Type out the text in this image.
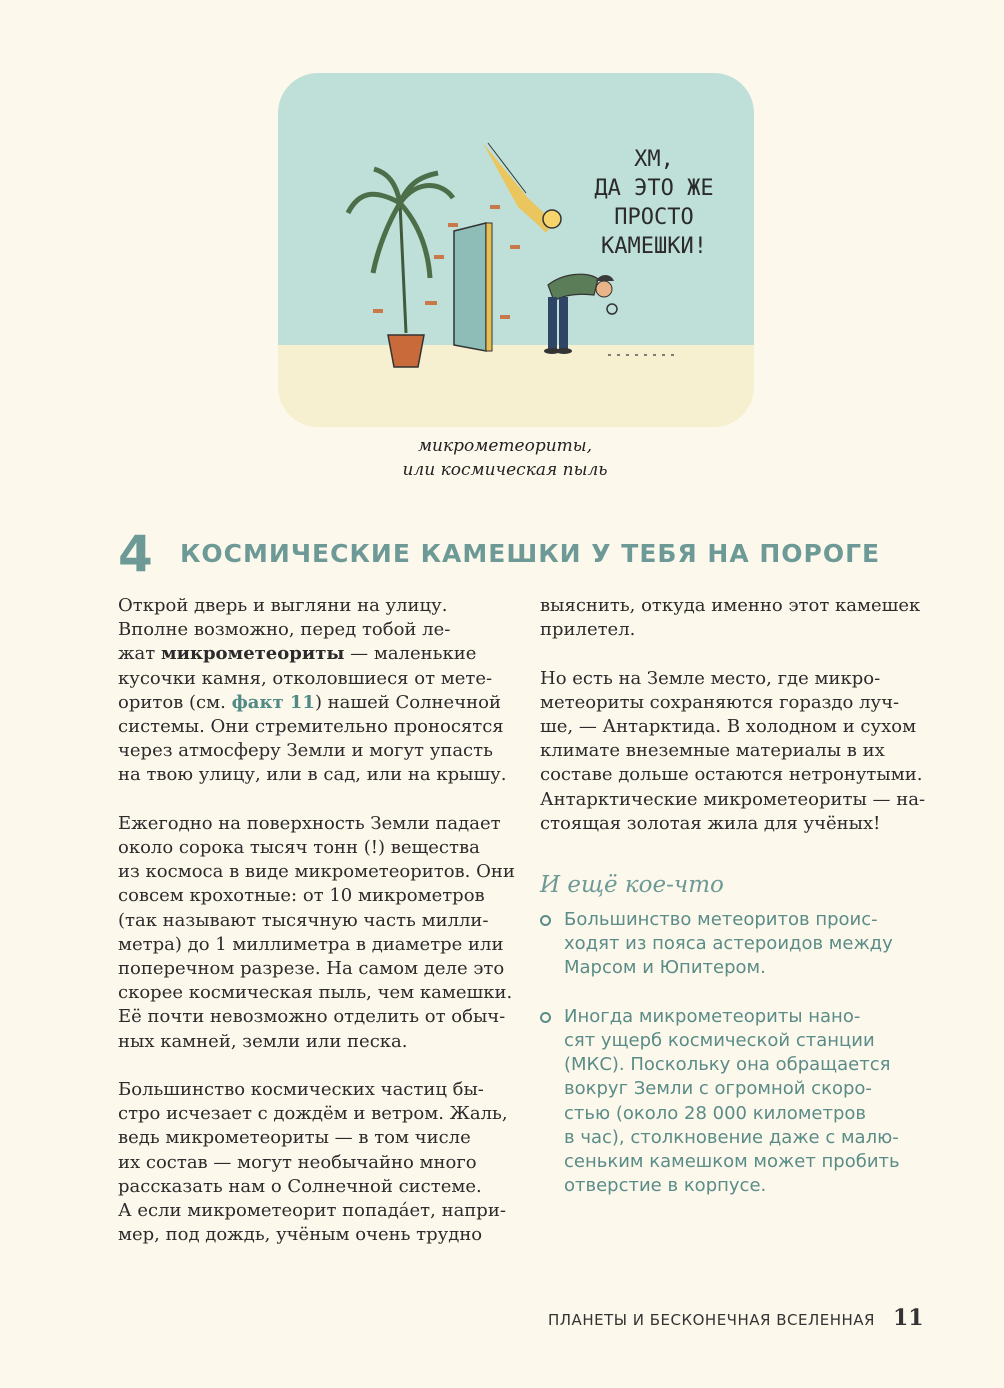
ХМ,
ДА ЭТО ЖЕ
ПРОСТО
КАМЕШКИ!
микрометеориты,
или космическая пыль
4 КОСМИЧЕСКИЕ КАМЕШКИ У ТЕБЯ НА ПОРОГЕ
Открой дверь и выгляни на улицу.
Вполне возможно, перед тобой ле-
жат микрометеориты — маленькие
кусочки камня, отколовшиеся от мете-
оритов (см. факт 11) нашей Солнечной
системы. Они стремительно проносятся
через атмосферу Земли и могут упасть
на твою улицу, или в сад, или на крышу.
Ежегодно на поверхность Земли падает
около сорока тысяч тонн (!) вещества
из космоса в виде микрометеоритов. Они
совсем крохотные: от 10 микрометров
(так называют тысячную часть милли-
метра) до 1 миллиметра в диаметре или
поперечном разрезе. На самом деле это
скорее космическая пыль, чем камешки.
Её почти невозможно отделить от обыч-
ных камней, земли или песка.
Большинство космических частиц бы-
стро исчезает с дождём и ветром. Жаль,
ведь микрометеориты — в том числе
их состав — могут необычайно много
рассказать нам о Солнечной системе.
А если микрометеорит попадáет, напри-
мер, под дождь, учёным очень трудно
выяснить, откуда именно этот камешек
прилетел.
Но есть на Земле место, где микро-
метеориты сохраняются гораздо луч-
ше, — Антарктида. В холодном и сухом
климате внеземные материалы в их
составе дольше остаются нетронутыми.
Антарктические микрометеориты — на-
стоящая золотая жила для учёных!
И ещё кое-что
Большинство метеоритов проис-
ходят из пояса астероидов между
Марсом и Юпитером.
Иногда микрометеориты нано-
сят ущерб космической станции
(МКС). Поскольку она обращается
вокруг Земли с огромной скоро-
стью (около 28 000 километров
в час), столкновение даже с малю-
сеньким камешком может пробить
отверстие в корпусе.
ПЛАНЕТЫ И БЕСКОНЕЧНАЯ ВСЕЛЕННАЯ 11
